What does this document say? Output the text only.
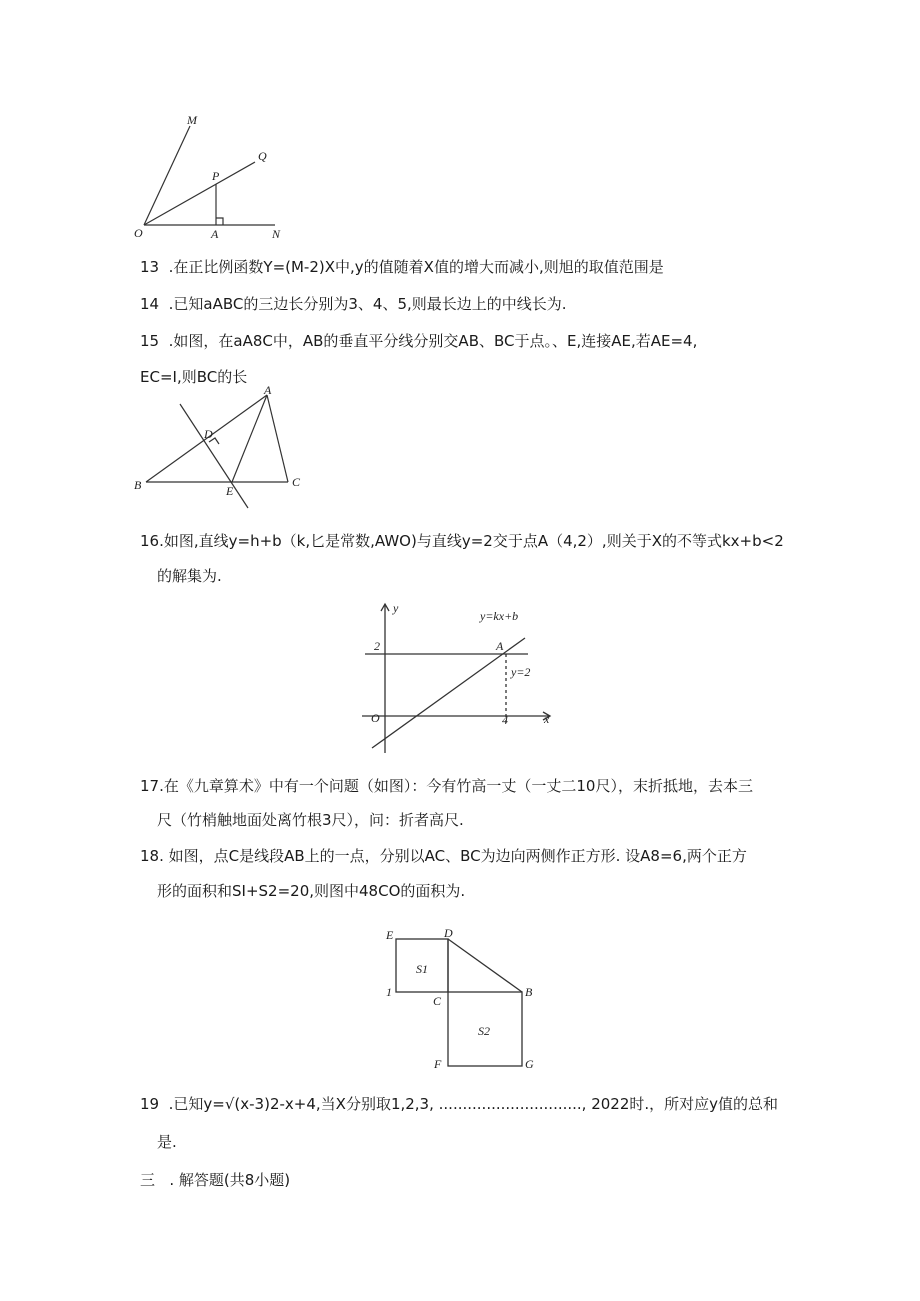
M
Q
P
O	A	N
13 .在正比例函数Y=(M-2)X中,y的值随着X值的增大而减小,则旭的取值范围是
14 .已知aABC的三边长分别为3、4、5,则最长边上的中线长为.
15 .如图，在aA8C中，AB的垂直平分线分别交AB、BC于点。、E,连接AE,若AE=4,
EC=I,则BC的长
A
D
B	E
C
16.如图,直线y=h+b（k,匕是常数,AWO)与直线y=2交于点A（4,2）,则关于X的不等式kx+b<2
的解集为.
y
y=kx+b
2	A
y=2
O	4	x
17.在《九章算术》中有一个问题（如图）：今有竹高一丈（一丈二10尺），末折抵地，去本三
尺（竹梢触地面处离竹根3尺），问：折者高尺.
18. 如图，点C是线段AB上的一点，分别以AC、BC为边向两侧作正方形. 设A8=6,两个正方
形的面积和SI+S2=20,则图中48CO的面积为.
E	D
S1
1
C
B
S2
F	G
19 .已知y=√(x-3)2-x+4,当X分别取1,2,3, .............................., 2022时.，所对应y值的总和
是.
三 . 解答题(共8小题)
